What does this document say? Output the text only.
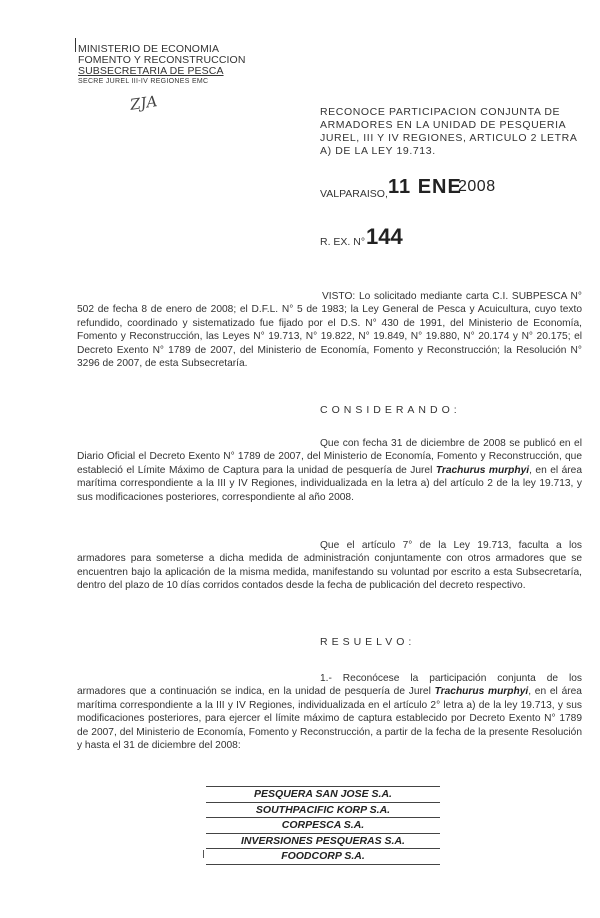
MINISTERIO DE ECONOMIA
FOMENTO Y RECONSTRUCCION
SUBSECRETARIA DE PESCA
SECRE JUREL III-IV REGIONES EMC
ZJA	RECONOCE PARTICIPACION CONJUNTA DE ARMADORES EN LA UNIDAD DE PESQUERIA JUREL, III Y IV REGIONES, ARTICULO 2 LETRA A) DE LA LEY 19.713.
VALPARAISO, 11 ENE
2008
R. EX. N° 144
VISTO: Lo solicitado mediante carta C.I. SUBPESCA N° 502 de fecha 8 de enero de 2008; el D.F.L. N° 5 de 1983; la Ley General de Pesca y Acuicultura, cuyo texto refundido, coordinado y sistematizado fue fijado por el D.S. N° 430 de 1991, del Ministerio de Economía, Fomento y Reconstrucción, las Leyes N° 19.713, N° 19.822, N° 19.849, N° 19.880, N° 20.174 y N° 20.175; el Decreto Exento N° 1789 de 2007, del Ministerio de Economía, Fomento y Reconstrucción; la Resolución N° 3296 de 2007, de esta Subsecretaría.
CONSIDERANDO:
Que con fecha 31 de diciembre de 2008 se publicó en el Diario Oficial el Decreto Exento N° 1789 de 2007, del Ministerio de Economía, Fomento y Reconstrucción, que estableció el Límite Máximo de Captura para la unidad de pesquería de Jurel Trachurus murphyi, en el área marítima correspondiente a la III y IV Regiones, individualizada en la letra a) del artículo 2 de la ley 19.713, y sus modificaciones posteriores, correspondiente al año 2008.
Que el artículo 7° de la Ley 19.713, faculta a los armadores para someterse a dicha medida de administración conjuntamente con otros armadores que se encuentren bajo la aplicación de la misma medida, manifestando su voluntad por escrito a esta Subsecretaría, dentro del plazo de 10 días corridos contados desde la fecha de publicación del decreto respectivo.
RESUELVO:
1.- Reconócese la participación conjunta de los armadores que a continuación se indica, en la unidad de pesquería de Jurel Trachurus murphyi, en el área marítima correspondiente a la III y IV Regiones, individualizada en el artículo 2° letra a) de la ley 19.713, y sus modificaciones posteriores, para ejercer el límite máximo de captura establecido por Decreto Exento N° 1789 de 2007, del Ministerio de Economía, Fomento y Reconstrucción, a partir de la fecha de la presente Resolución y hasta el 31 de diciembre del 2008:
PESQUERA SAN JOSE S.A.
SOUTHPACIFIC KORP S.A.
CORPESCA S.A.
INVERSIONES PESQUERAS S.A.
FOODCORP S.A.
